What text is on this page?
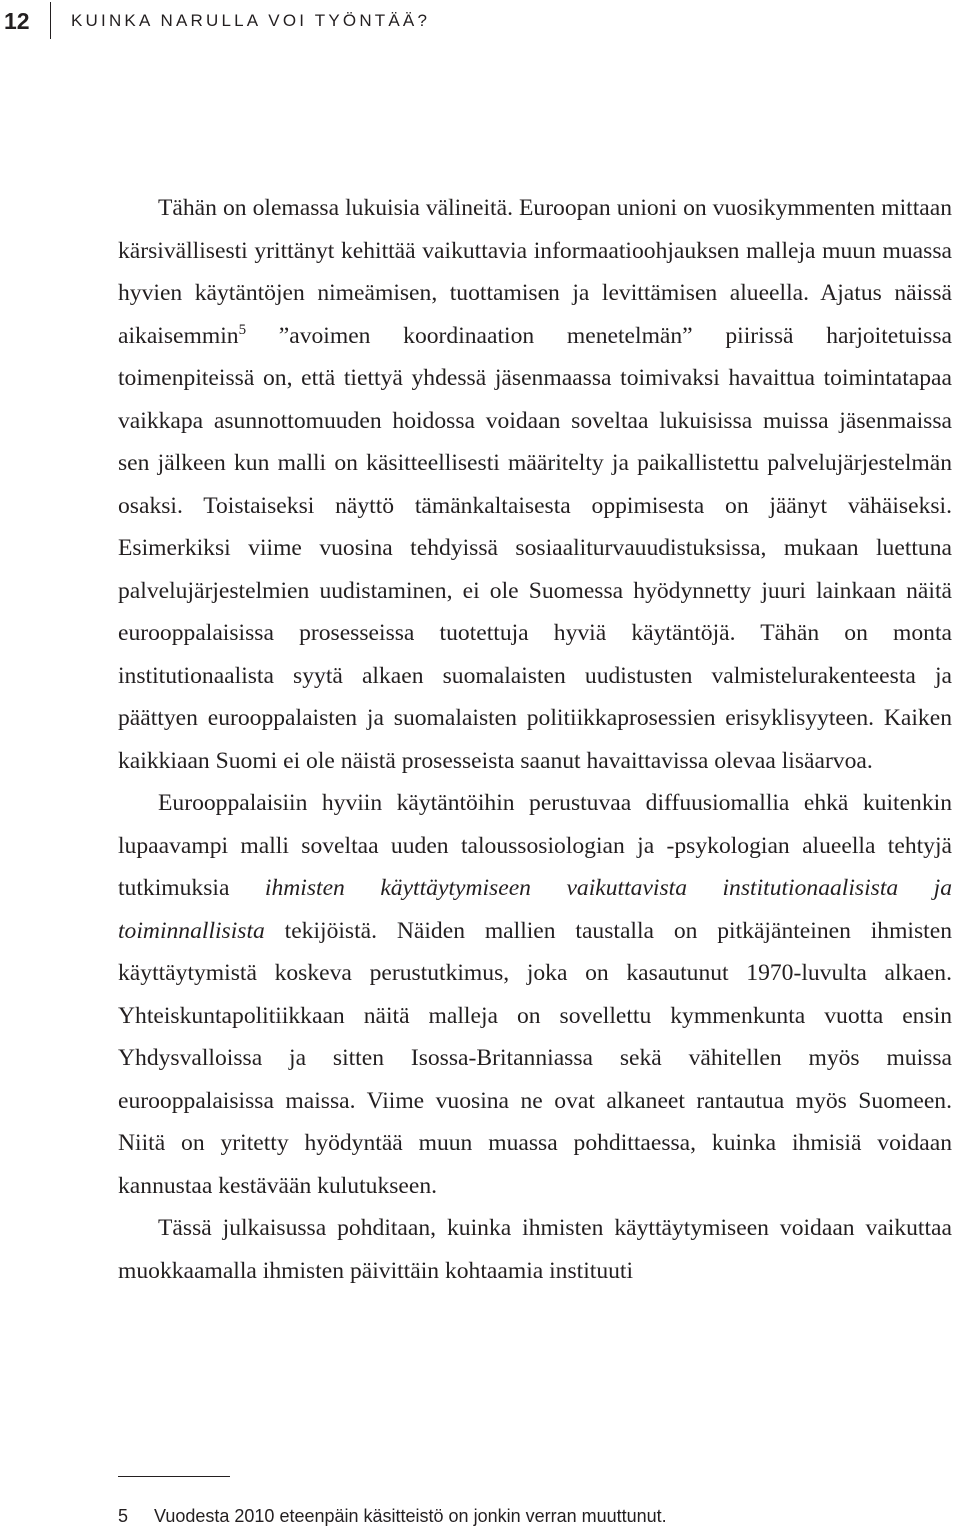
12 KUINKA NARULLA VOI TYÖNTÄÄ?

Tähän on olemassa lukuisia välineitä. Euroopan unioni on vuosikymmenten mittaan kärsivällisesti yrittänyt kehittää vaikuttavia informaatioohjauksen malleja muun muassa hyvien käytäntöjen nimeämisen, tuottamisen ja levittämisen alueella. Ajatus näissä aikaisemmin$^5$ ”avoimen koordinaation menetelmän” piirissä harjoitetuissa toimenpiteissä on, että tiettyä yhdessä jäsenmaassa toimivaksi havaittua toimintatapaa vaikkapa asunnottomuuden hoidossa voidaan soveltaa lukuisissa muissa jäsenmaissa sen jälkeen kun malli on käsitteellisesti määritelty ja paikallistettu palvelujärjestelmän osaksi. Toistaiseksi näyttö tämänkaltaisesta oppimisesta on jäänyt vähäiseksi. Esimerkiksi viime vuosina tehdyissä sosiaaliturvauudistuksissa, mukaan luettuna palvelujärjestelmien uudistaminen, ei ole Suomessa hyödynnetty juuri lainkaan näitä eurooppalaisissa prosesseissa tuotettuja hyviä käytäntöjä. Tähän on monta institutionaalista syytä alkaen suomalaisten uudistusten valmistelurakenteesta ja päättyen eurooppalaisten ja suomalaisten politiikkaprosessien erisyklisyyteen. Kaiken kaikkiaan Suomi ei ole näistä prosesseista saanut havaittavissa olevaa lisäarvoa.

Eurooppalaisiin hyviin käytäntöihin perustuvaa diffuusiomallia ehkä kuitenkin lupaavampi malli soveltaa uuden taloussosiologian ja -psykologian alueella tehtyjä tutkimuksia ihmisten käyttäytymiseen vaikuttavista institutionaalisista ja toiminnallisista tekijöistä. Näiden mallien taustalla on pitkäjänteinen ihmisten käyttäytymistä koskeva perustutkimus, joka on kasautunut 1970-luvulta alkaen. Yhteiskuntapolitiikkaan näitä malleja on sovellettu kymmenkunta vuotta ensin Yhdysvalloissa ja sitten Isossa-Britanniassa sekä vähitellen myös muissa eurooppalaisissa maissa. Viime vuosina ne ovat alkaneet rantautua myös Suomeen. Niitä on yritetty hyödyntää muun muassa pohdittaessa, kuinka ihmisiä voidaan kannustaa kestävään kulutukseen.

Tässä julkaisussa pohditaan, kuinka ihmisten käyttäytymiseen voidaan vaikuttaa muokkaamalla ihmisten päivittäin kohtaamia instituuti

5 Vuodesta 2010 eteenpäin käsitteistö on jonkin verran muuttunut.
